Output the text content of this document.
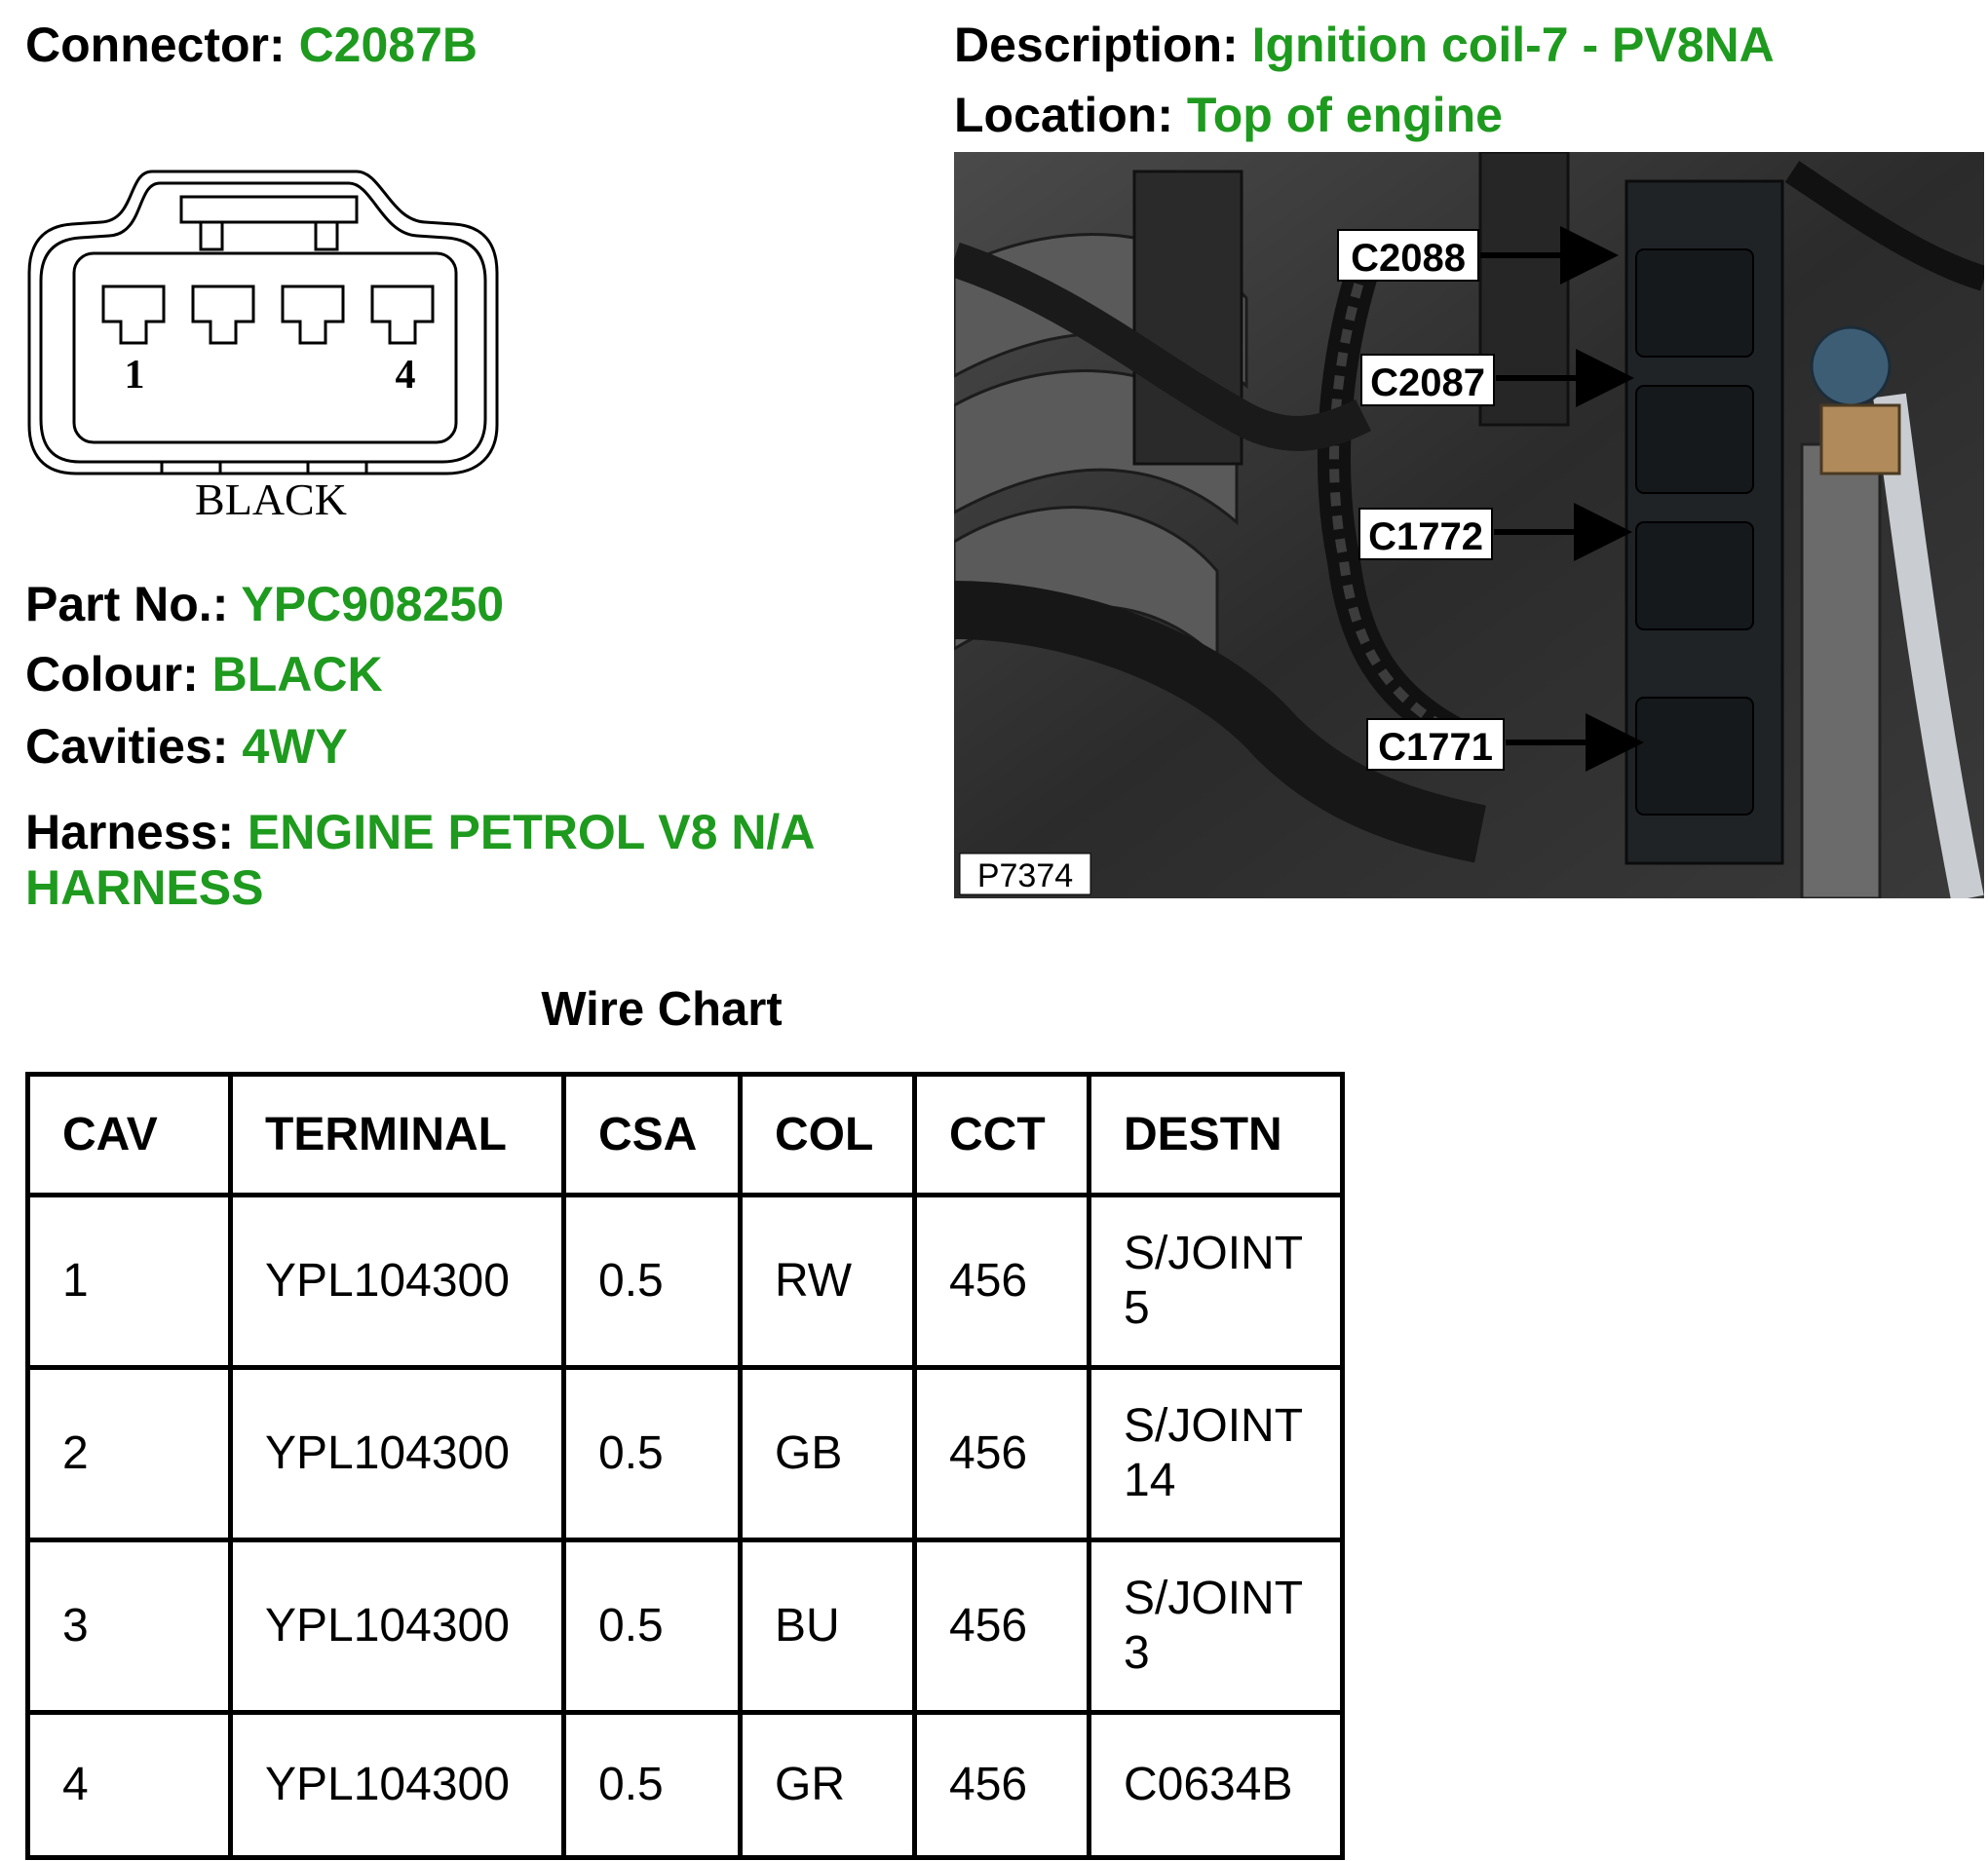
Connector: C2087B	Description: Ignition coil-7 - PV8NA
Location: Top of engine
1	4
BLACK
Part No.: YPC908250
Colour: BLACK
Cavities: 4WY
Harness: ENGINE PETROL V8 N/A HARNESS
C2088
C2087
C1772
C1771
P7374
Wire Chart
CAV	TERMINAL	CSA	COL	CCT	DESTN
1	YPL104300	0.5	RW	456	S/JOINT 5
2	YPL104300	0.5	GB	456	S/JOINT 14
3	YPL104300	0.5	BU	456	S/JOINT 3
4	YPL104300	0.5	GR	456	C0634B
